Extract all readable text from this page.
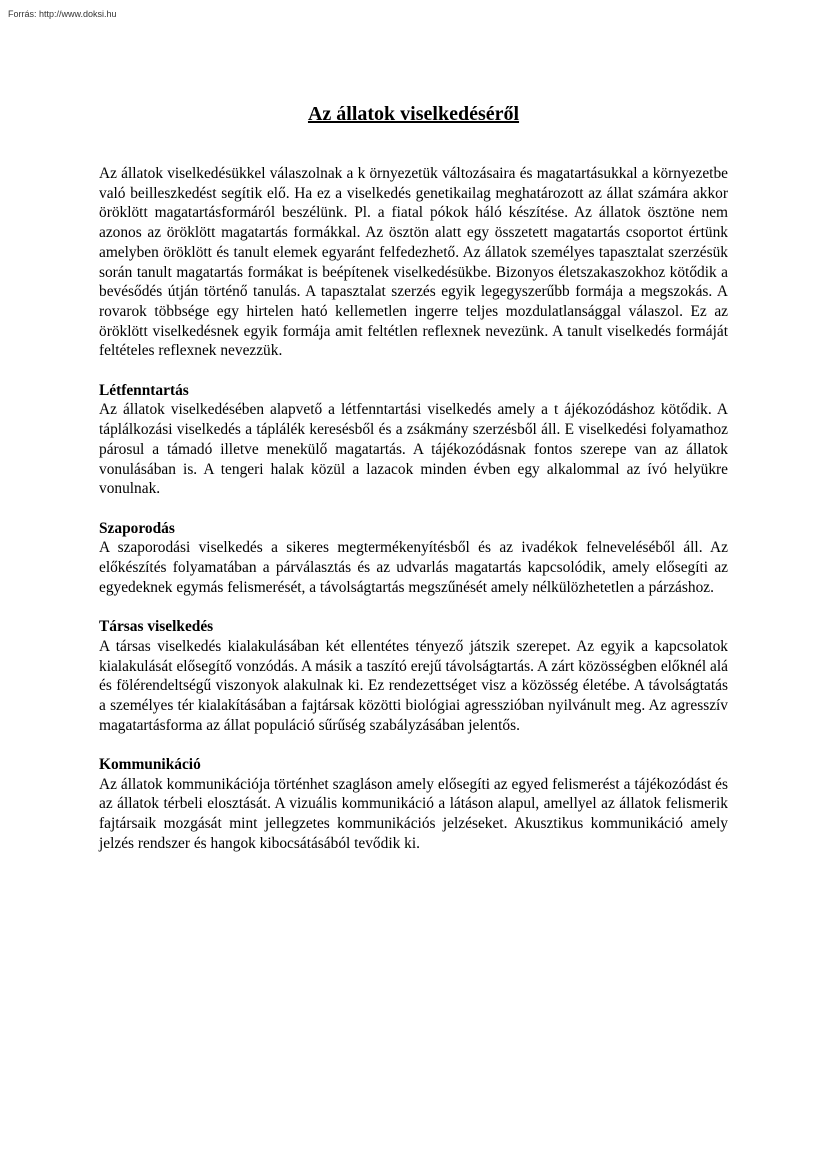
Forrás: http://www.doksi.hu
Az állatok viselkedéséről

Az állatok viselkedésükkel válaszolnak a k örnyezetük változásaira és magatartásukkal a környezetbe való beilleszkedést segítik elő. Ha ez a viselkedés genetikailag meghatározott az állat számára akkor öröklött magatartásformáról beszélünk. Pl. a fiatal pókok háló készítése. Az állatok ösztöne nem azonos az öröklött magatartás formákkal. Az ösztön alatt egy összetett magatartás csoportot értünk amelyben öröklött és tanult elemek egyaránt felfedezhető. Az állatok személyes tapasztalat szerzésük során tanult magatartás formákat is beépítenek viselkedésükbe. Bizonyos életszakaszokhoz kötődik a bevésődés útján történő tanulás. A tapasztalat szerzés egyik legegyszerűbb formája a megszokás. A rovarok többsége egy hirtelen ható kellemetlen ingerre teljes mozdulatlansággal válaszol. Ez az öröklött viselkedésnek egyik formája amit feltétlen reflexnek nevezünk. A tanult viselkedés formáját feltételes reflexnek nevezzük.

Létfenntartás

Az állatok viselkedésében alapvető a létfenntartási viselkedés amely a t ájékozódáshoz kötődik. A táplálkozási viselkedés a táplálék keresésből és a zsákmány szerzésből áll. E viselkedési folyamathoz párosul a támadó illetve menekülő magatartás. A tájékozódásnak fontos szerepe van az állatok vonulásában is. A tengeri halak közül a lazacok minden évben egy alkalommal az ívó helyükre vonulnak.

Szaporodás

A szaporodási viselkedés a sikeres megtermékenyítésből és az ivadékok felneveléséből áll. Az előkészítés folyamatában a párválasztás és az udvarlás magatartás kapcsolódik, amely elősegíti az egyedeknek egymás felismerését, a távolságtartás megszűnését amely nélkülözhetetlen a párzáshoz.

Társas viselkedés

A társas viselkedés kialakulásában két ellentétes tényező játszik szerepet. Az egyik a kapcsolatok kialakulását elősegítő vonzódás. A másik a taszító erejű távolságtartás. A zárt közösségben előknél alá és fölérendeltségű viszonyok alakulnak ki. Ez rendezettséget visz a közösség életébe. A távolságtatás a személyes tér kialakításában a fajtársak közötti biológiai agresszióban nyilvánult meg. Az agresszív magatartásforma az állat populáció sűrűség szabályzásában jelentős.

Kommunikáció

Az állatok kommunikációja történhet szagláson amely elősegíti az egyed felismerést a tájékozódást és az állatok térbeli elosztását. A vizuális kommunikáció a látáson alapul, amellyel az állatok felismerik fajtársaik mozgását mint jellegzetes kommunikációs jelzéseket. Akusztikus kommunikáció amely jelzés rendszer és hangok kibocsátásából tevődik ki.
